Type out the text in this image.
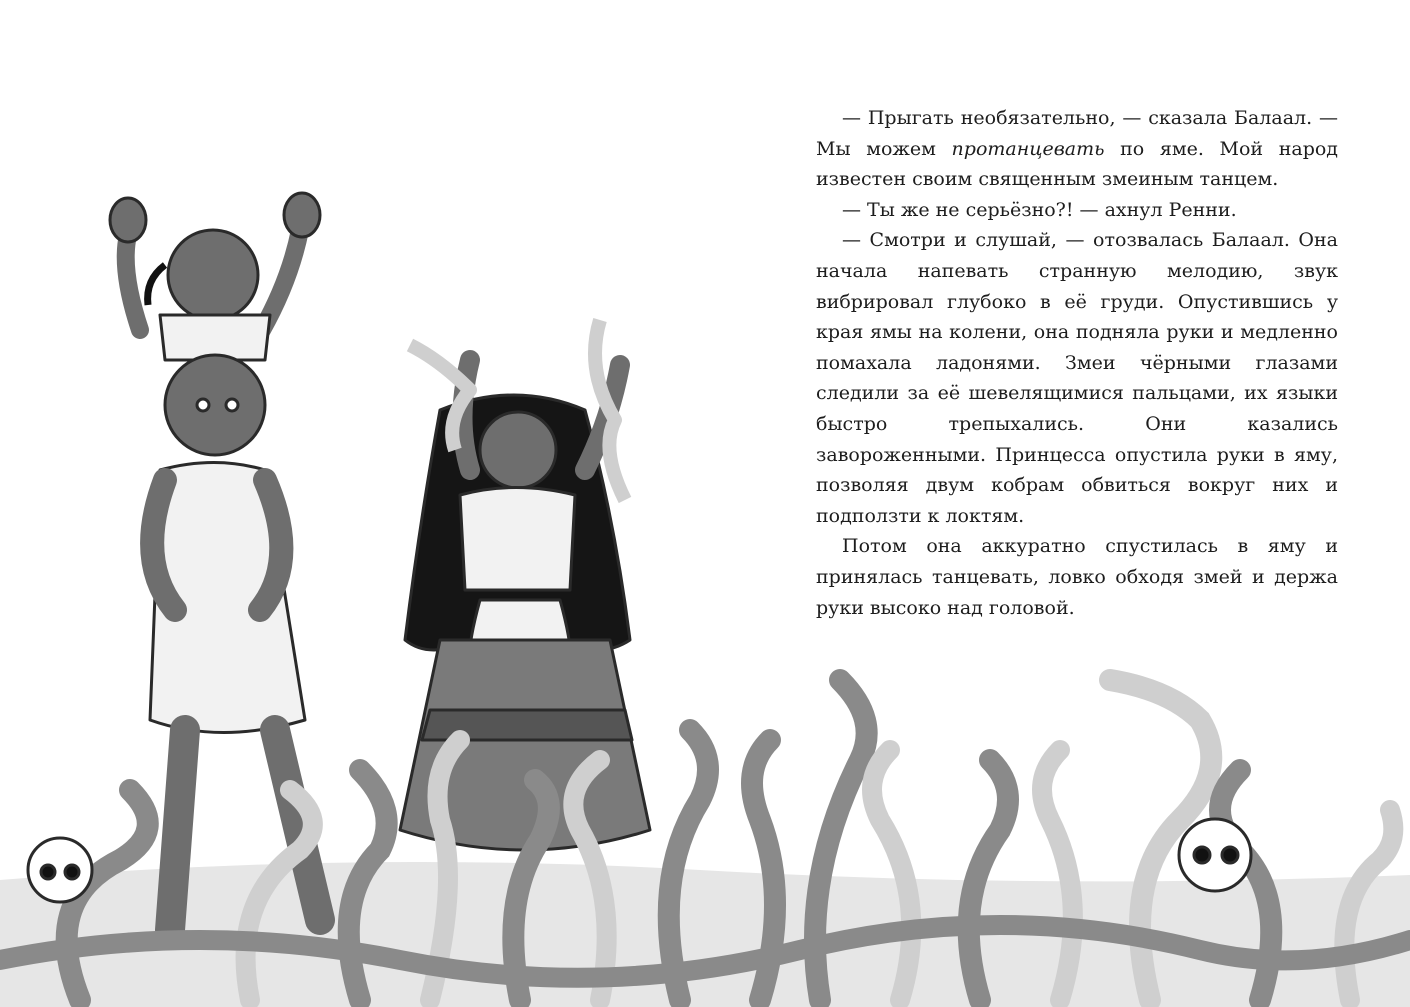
— Прыгать необязательно, — сказала Балаал. — Мы можем протанцевать по яме. Мой народ известен своим священным змеиным танцем.

— Ты же не серьёзно?! — ахнул Ренни.

— Смотри и слушай, — отозвалась Балаал. Она начала напевать странную мелодию, звук вибрировал глубоко в её груди. Опустившись у края ямы на колени, она подняла руки и медленно помахала ладонями. Змеи чёрными глазами следили за её шевелящимися пальцами, их языки быстро трепыхались. Они казались завороженными. Принцесса опустила руки в яму, позволяя двум кобрам обвиться вокруг них и подползти к локтям.

Потом она аккуратно спустилась в яму и принялась танцевать, ловко обходя змей и держа руки высоко над головой.
